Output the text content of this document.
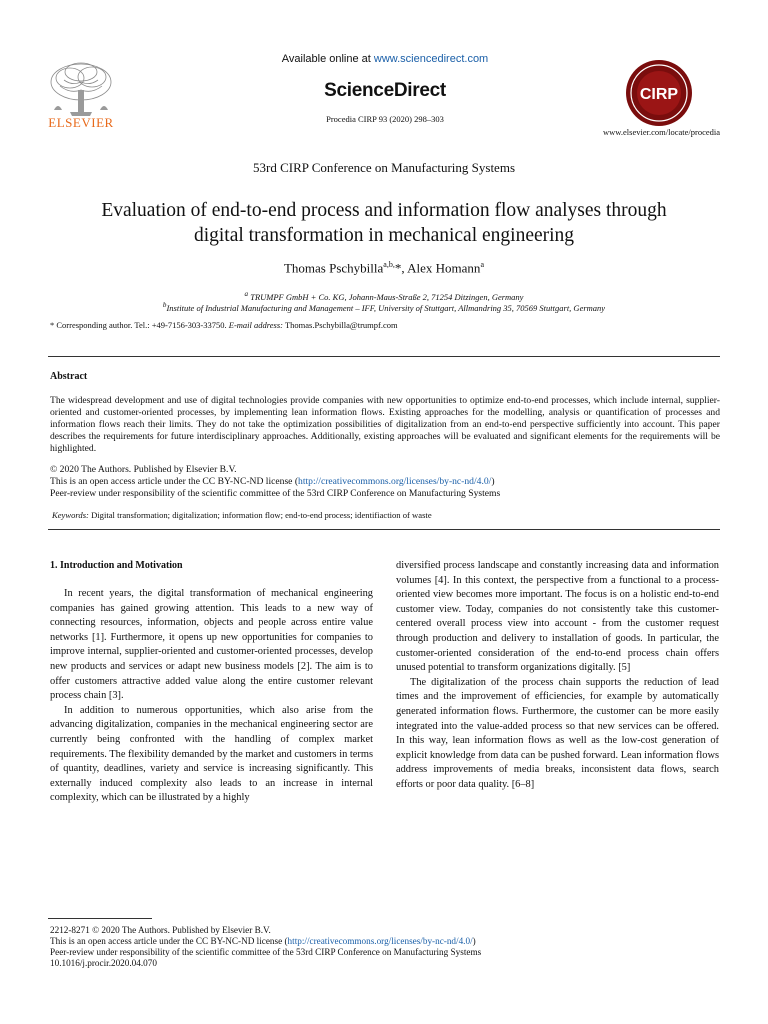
ELSEVIER
Available online at www.sciencedirect.com
ScienceDirect
Procedia CIRP 93 (2020) 298–303
CIRP
www.elsevier.com/locate/procedia
53rd CIRP Conference on Manufacturing Systems
Evaluation of end-to-end process and information flow analyses through
digital transformation in mechanical engineering
Thomas Pschybilla$^{a,b,}$*, Alex Homann$^a$
$^a$ TRUMPF GmbH + Co. KG, Johann-Maus-Straße 2, 71254 Ditzingen, Germany
$^b$Institute of Industrial Manufacturing and Management – IFF, University of Stuttgart, Allmandring 35, 70569 Stuttgart, Germany
* Corresponding author. Tel.: +49-7156-303-33750. E-mail address: Thomas.Pschybilla@trumpf.com
Abstract
The widespread development and use of digital technologies provide companies with new opportunities to optimize end-to-end processes, which include internal, supplier-oriented and customer-oriented processes, by implementing lean information flows. Existing approaches for the modelling, analysis or quantification of processes and information flows reach their limits. They do not take the optimization possibilities of digitalization from an end-to-end perspective sufficiently into account. This paper describes the requirements for future interdisciplinary approaches. Additionally, existing approaches will be evaluated and significant elements for the requirements will be highlighted.
© 2020 The Authors. Published by Elsevier B.V.
This is an open access article under the CC BY-NC-ND license (http://creativecommons.org/licenses/by-nc-nd/4.0/)
Peer-review under responsibility of the scientific committee of the 53rd CIRP Conference on Manufacturing Systems
Keywords: Digital transformation; digitalization; information flow; end-to-end process; identifiaction of waste
1. Introduction and Motivation

In recent years, the digital transformation of mechanical engineering companies has gained growing attention. This leads to a new way of connecting resources, information, objects and people across entire value networks [1]. Furthermore, it opens up new opportunities for companies to improve internal, supplier-oriented and customer-oriented processes, develop new products and services or adapt new business models [2]. The aim is to offer customers attractive added value along the entire customer relevant process chain [3].

In addition to numerous opportunities, which also arise from the advancing digitalization, companies in the mechanical engineering sector are currently being confronted with the handling of complex market requirements. The flexibility demanded by the market and customers in terms of quantity, deadlines, variety and service is increasing significantly. This externally induced complexity also leads to an increase in internal complexity, which can be illustrated by a highly

diversified process landscape and constantly increasing data and information volumes [4]. In this context, the perspective from a functional to a process-oriented view becomes more important. The focus is on a holistic end-to-end customer view. Today, companies do not consistently take this customer-centered overall process view into account - from the customer request through production and delivery to installation of goods. In particular, the customer-oriented consideration of the end-to-end process chain offers unused potential to transform organizations digitally. [5]

The digitalization of the process chain supports the reduction of lead times and the improvement of efficiencies, for example by automatically generated information flows. Furthermore, the customer can be more easily integrated into the value-added process so that new services can be offered. In this way, lean information flows as well as the low-cost generation of explicit knowledge from data can be pushed forward. Lean information flows address improvements of media breaks, inconsistent data flows, search efforts or poor data quality. [6–8]

2212-8271 © 2020 The Authors. Published by Elsevier B.V.
This is an open access article under the CC BY-NC-ND license (http://creativecommons.org/licenses/by-nc-nd/4.0/)
Peer-review under responsibility of the scientific committee of the 53rd CIRP Conference on Manufacturing Systems
10.1016/j.procir.2020.04.070
